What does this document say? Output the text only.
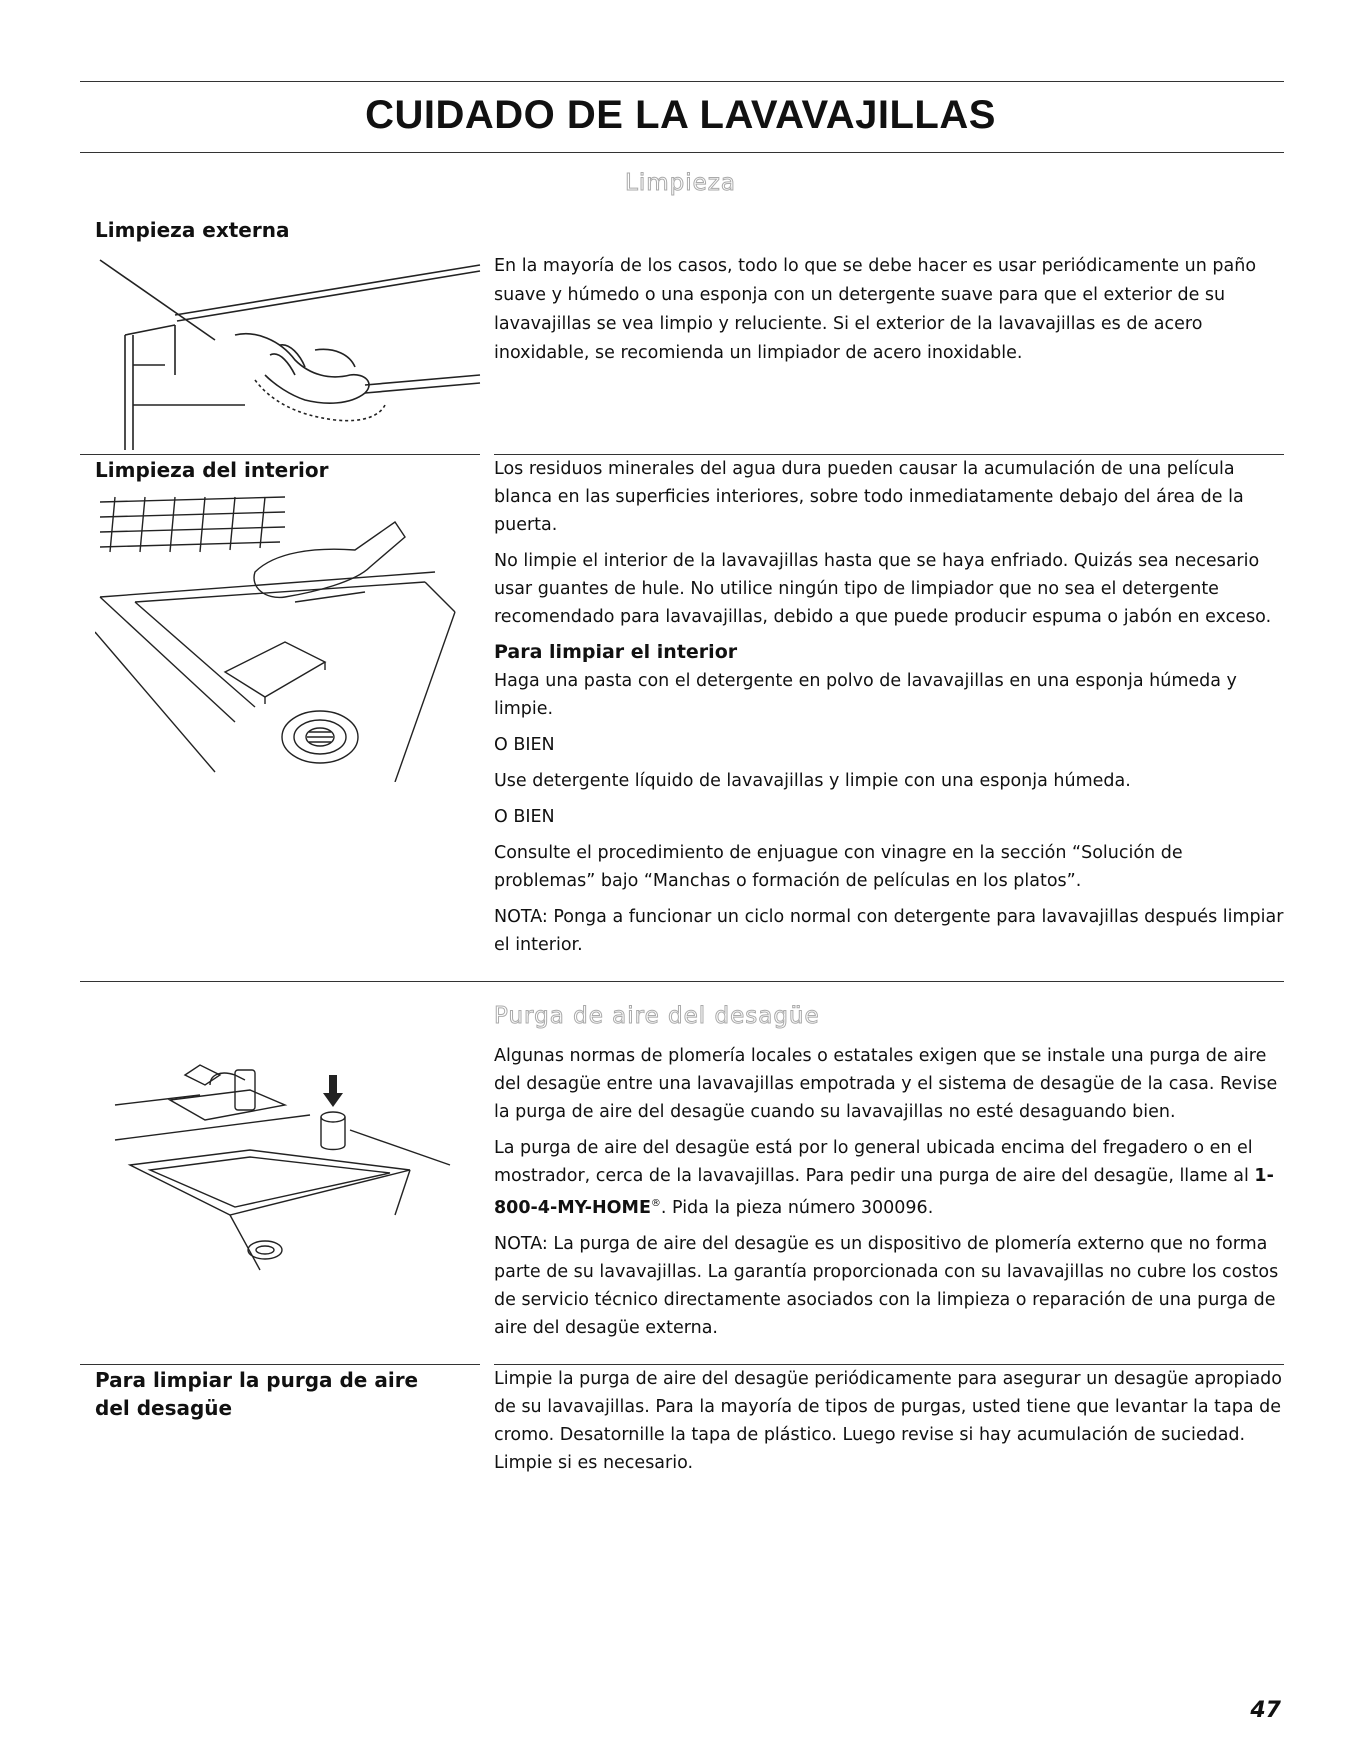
CUIDADO DE LA LAVAVAJILLAS
Limpieza
Limpieza externa

En la mayoría de los casos, todo lo que se debe hacer es usar periódicamente un paño suave y húmedo o una esponja con un detergente suave para que el exterior de su lavavajillas se vea limpio y reluciente. Si el exterior de la lavavajillas es de acero inoxidable, se recomienda un limpiador de acero inoxidable.

Limpieza del interior	Los residuos minerales del agua dura pueden causar la acumulación de una película blanca en las superficies interiores, sobre todo inmediatamente debajo del área de la puerta.

No limpie el interior de la lavavajillas hasta que se haya enfriado. Quizás sea necesario usar guantes de hule. No utilice ningún tipo de limpiador que no sea el detergente recomendado para lavavajillas, debido a que puede producir espuma o jabón en exceso.

Para limpiar el interior

Haga una pasta con el detergente en polvo de lavavajillas en una esponja húmeda y limpie.

O BIEN

Use detergente líquido de lavavajillas y limpie con una esponja húmeda.

O BIEN

Consulte el procedimiento de enjuague con vinagre en la sección “Solución de problemas” bajo “Manchas o formación de películas en los platos”.

NOTA: Ponga a funcionar un ciclo normal con detergente para lavavajillas después limpiar el interior.

Purga de aire del desagüe

Algunas normas de plomería locales o estatales exigen que se instale una purga de aire del desagüe entre una lavavajillas empotrada y el sistema de desagüe de la casa. Revise la purga de aire del desagüe cuando su lavavajillas no esté desaguando bien.

La purga de aire del desagüe está por lo general ubicada encima del fregadero o en el mostrador, cerca de la lavavajillas. Para pedir una purga de aire del desagüe, llame al 1-800-4-MY-HOME®. Pida la pieza número 300096.

NOTA: La purga de aire del desagüe es un dispositivo de plomería externo que no forma parte de su lavavajillas. La garantía proporcionada con su lavavajillas no cubre los costos de servicio técnico directamente asociados con la limpieza o reparación de una purga de aire del desagüe externa.

Para limpiar la purga de aire del desagüe

Limpie la purga de aire del desagüe periódicamente para asegurar un desagüe apropiado de su lavavajillas. Para la mayoría de tipos de purgas, usted tiene que levantar la tapa de cromo. Desatornille la tapa de plástico. Luego revise si hay acumulación de suciedad. Limpie si es necesario.

47
